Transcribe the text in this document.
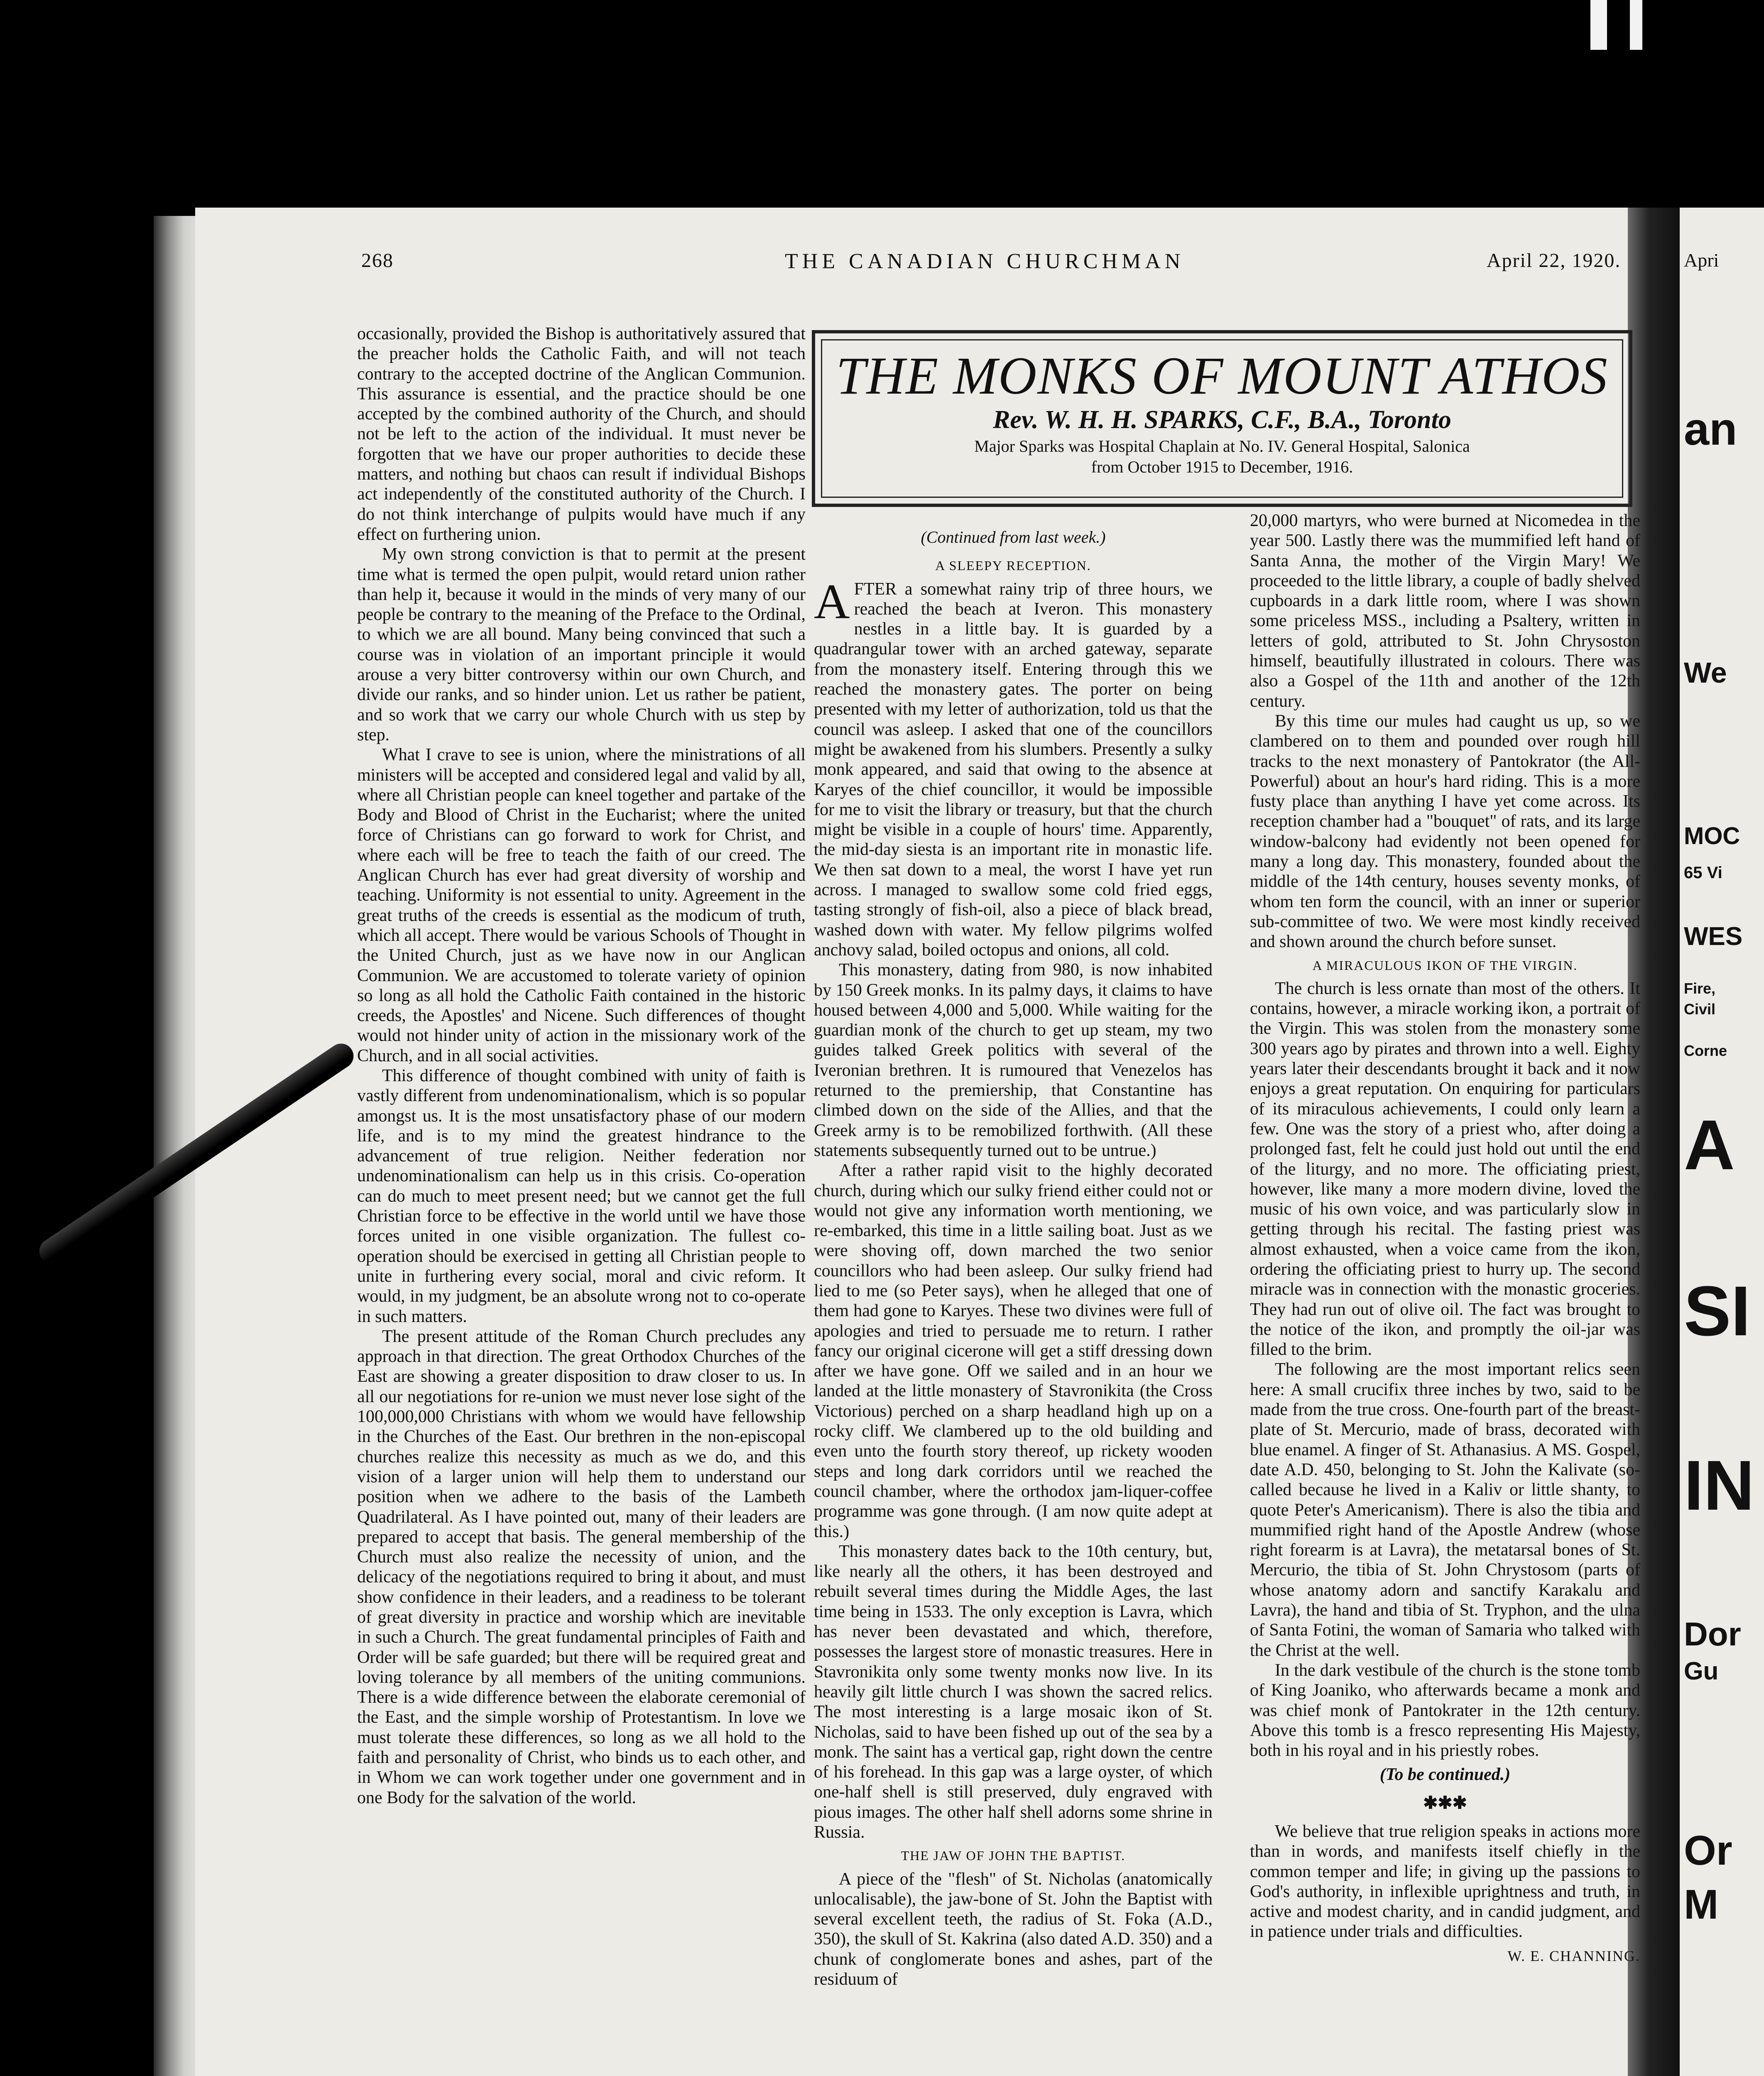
268	THE CANADIAN CHURCHMAN	April 22, 1920.

occasionally, provided the Bishop is authoritatively assured that the preacher holds the Catholic Faith, and will not teach contrary to the accepted doctrine of the Anglican Communion. This assurance is essential, and the practice should be one accepted by the combined authority of the Church, and should not be left to the action of the individual. It must never be forgotten that we have our proper authorities to decide these matters, and nothing but chaos can result if individual Bishops act independently of the constituted authority of the Church. I do not think interchange of pulpits would have much if any effect on furthering union.

My own strong conviction is that to permit at the present time what is termed the open pulpit, would retard union rather than help it, because it would in the minds of very many of our people be contrary to the meaning of the Preface to the Ordinal, to which we are all bound. Many being convinced that such a course was in violation of an important principle it would arouse a very bitter controversy within our own Church, and divide our ranks, and so hinder union. Let us rather be patient, and so work that we carry our whole Church with us step by step.

What I crave to see is union, where the ministrations of all ministers will be accepted and considered legal and valid by all, where all Christian people can kneel together and partake of the Body and Blood of Christ in the Eucharist; where the united force of Christians can go forward to work for Christ, and where each will be free to teach the faith of our creed. The Anglican Church has ever had great diversity of worship and teaching. Uniformity is not essential to unity. Agreement in the great truths of the creeds is essential as the modicum of truth, which all accept. There would be various Schools of Thought in the United Church, just as we have now in our Anglican Communion. We are accustomed to tolerate variety of opinion so long as all hold the Catholic Faith contained in the historic creeds, the Apostles' and Nicene. Such differences of thought would not hinder unity of action in the missionary work of the Church, and in all social activities.

This difference of thought combined with unity of faith is vastly different from undenominationalism, which is so popular amongst us. It is the most unsatisfactory phase of our modern life, and is to my mind the greatest hindrance to the advancement of true religion. Neither federation nor undenominationalism can help us in this crisis. Co-operation can do much to meet present need; but we cannot get the full Christian force to be effective in the world until we have those forces united in one visible organization. The fullest co-operation should be exercised in getting all Christian people to unite in furthering every social, moral and civic reform. It would, in my judgment, be an absolute wrong not to co-operate in such matters.

The present attitude of the Roman Church precludes any approach in that direction. The great Orthodox Churches of the East are showing a greater disposition to draw closer to us. In all our negotiations for re-union we must never lose sight of the 100,000,000 Christians with whom we would have fellowship in the Churches of the East. Our brethren in the non-episcopal churches realize this necessity as much as we do, and this vision of a larger union will help them to understand our position when we adhere to the basis of the Lambeth Quadrilateral. As I have pointed out, many of their leaders are prepared to accept that basis. The general membership of the Church must also realize the necessity of union, and the delicacy of the negotiations required to bring it about, and must show confidence in their leaders, and a readiness to be tolerant of great diversity in practice and worship which are inevitable in such a Church. The great fundamental principles of Faith and Order will be safe guarded; but there will be required great and loving tolerance by all members of the uniting communions. There is a wide difference between the elaborate ceremonial of the East, and the simple worship of Protestantism. In love we must tolerate these differences, so long as we all hold to the faith and personality of Christ, who binds us to each other, and in Whom we can work together under one government and in one Body for the salvation of the world.

THE MONKS OF MOUNT ATHOS
Rev. W. H. H. SPARKS, C.F., B.A., Toronto
Major Sparks was Hospital Chaplain at No. IV. General Hospital, Salonica
from October 1915 to December, 1916.
(Continued from last week.)
A SLEEPY RECEPTION.

AFTER a somewhat rainy trip of three hours, we reached the beach at Iveron. This monastery nestles in a little bay. It is guarded by a quadrangular tower with an arched gateway, separate from the monastery itself. Entering through this we reached the monastery gates. The porter on being presented with my letter of authorization, told us that the council was asleep. I asked that one of the councillors might be awakened from his slumbers. Presently a sulky monk appeared, and said that owing to the absence at Karyes of the chief councillor, it would be impossible for me to visit the library or treasury, but that the church might be visible in a couple of hours' time. Apparently, the mid-day siesta is an important rite in monastic life. We then sat down to a meal, the worst I have yet run across. I managed to swallow some cold fried eggs, tasting strongly of fish-oil, also a piece of black bread, washed down with water. My fellow pilgrims wolfed anchovy salad, boiled octopus and onions, all cold.

This monastery, dating from 980, is now inhabited by 150 Greek monks. In its palmy days, it claims to have housed between 4,000 and 5,000. While waiting for the guardian monk of the church to get up steam, my two guides talked Greek politics with several of the Iveronian brethren. It is rumoured that Venezelos has returned to the premiership, that Constantine has climbed down on the side of the Allies, and that the Greek army is to be remobilized forthwith. (All these statements subsequently turned out to be untrue.)

After a rather rapid visit to the highly decorated church, during which our sulky friend either could not or would not give any information worth mentioning, we re-embarked, this time in a little sailing boat. Just as we were shoving off, down marched the two senior councillors who had been asleep. Our sulky friend had lied to me (so Peter says), when he alleged that one of them had gone to Karyes. These two divines were full of apologies and tried to persuade me to return. I rather fancy our original cicerone will get a stiff dressing down after we have gone. Off we sailed and in an hour we landed at the little monastery of Stavronikita (the Cross Victorious) perched on a sharp headland high up on a rocky cliff. We clambered up to the old building and even unto the fourth story thereof, up rickety wooden steps and long dark corridors until we reached the council chamber, where the orthodox jam-liquer-coffee programme was gone through. (I am now quite adept at this.)

This monastery dates back to the 10th century, but, like nearly all the others, it has been destroyed and rebuilt several times during the Middle Ages, the last time being in 1533. The only exception is Lavra, which has never been devastated and which, therefore, possesses the largest store of monastic treasures. Here in Stavronikita only some twenty monks now live. In its heavily gilt little church I was shown the sacred relics. The most interesting is a large mosaic ikon of St. Nicholas, said to have been fished up out of the sea by a monk. The saint has a vertical gap, right down the centre of his forehead. In this gap was a large oyster, of which one-half shell is still preserved, duly engraved with pious images. The other half shell adorns some shrine in Russia.

THE JAW OF JOHN THE BAPTIST.

A piece of the "flesh" of St. Nicholas (anatomically unlocalisable), the jaw-bone of St. John the Baptist with several excellent teeth, the radius of St. Foka (A.D., 350), the skull of St. Kakrina (also dated A.D. 350) and a chunk of conglomerate bones and ashes, part of the residuum of

20,000 martyrs, who were burned at Nicomedea in the year 500. Lastly there was the mummified left hand of Santa Anna, the mother of the Virgin Mary! We proceeded to the little library, a couple of badly shelved cupboards in a dark little room, where I was shown some priceless MSS., including a Psaltery, written in letters of gold, attributed to St. John Chrysoston himself, beautifully illustrated in colours. There was also a Gospel of the 11th and another of the 12th century.

By this time our mules had caught us up, so we clambered on to them and pounded over rough hill tracks to the next monastery of Pantokrator (the All-Powerful) about an hour's hard riding. This is a more fusty place than anything I have yet come across. Its reception chamber had a "bouquet" of rats, and its large window-balcony had evidently not been opened for many a long day. This monastery, founded about the middle of the 14th century, houses seventy monks, of whom ten form the council, with an inner or superior sub-committee of two. We were most kindly received and shown around the church before sunset.

A MIRACULOUS IKON OF THE VIRGIN.

The church is less ornate than most of the others. It contains, however, a miracle working ikon, a portrait of the Virgin. This was stolen from the monastery some 300 years ago by pirates and thrown into a well. Eighty years later their descendants brought it back and it now enjoys a great reputation. On enquiring for particulars of its miraculous achievements, I could only learn a few. One was the story of a priest who, after doing a prolonged fast, felt he could just hold out until the end of the liturgy, and no more. The officiating priest, however, like many a more modern divine, loved the music of his own voice, and was particularly slow in getting through his recital. The fasting priest was almost exhausted, when a voice came from the ikon, ordering the officiating priest to hurry up. The second miracle was in connection with the monastic groceries. They had run out of olive oil. The fact was brought to the notice of the ikon, and promptly the oil-jar was filled to the brim.

The following are the most important relics seen here: A small crucifix three inches by two, said to be made from the true cross. One-fourth part of the breast-plate of St. Mercurio, made of brass, decorated with blue enamel. A finger of St. Athanasius. A MS. Gospel, date A.D. 450, belonging to St. John the Kalivate (so-called because he lived in a Kaliv or little shanty, to quote Peter's Americanism). There is also the tibia and mummified right hand of the Apostle Andrew (whose right forearm is at Lavra), the metatarsal bones of St. Mercurio, the tibia of St. John Chrystosom (parts of whose anatomy adorn and sanctify Karakalu and Lavra), the hand and tibia of St. Tryphon, and the ulna of Santa Fotini, the woman of Samaria who talked with the Christ at the well.

In the dark vestibule of the church is the stone tomb of King Joaniko, who afterwards became a monk and was chief monk of Pantokrater in the 12th century. Above this tomb is a fresco representing His Majesty, both in his royal and in his priestly robes.

(To be continued.)
✱✱✱

We believe that true religion speaks in actions more than in words, and manifests itself chiefly in the common temper and life; in giving up the passions to God's authority, in inflexible uprightness and truth, in active and modest charity, and in candid judgment, and in patience under trials and difficulties.

W. E. CHANNING.
Apri
an
We
MOC
65 Vi
WES
Fire,
Civil
Corne
A
SI
IN
Dor
Gu
Or
M
